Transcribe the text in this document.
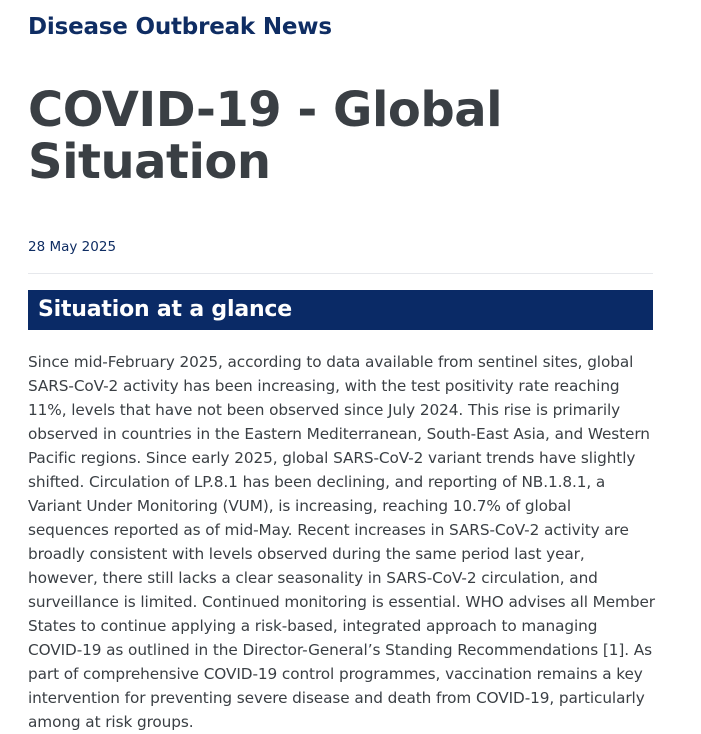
Disease Outbreak News
COVID-19 - Global Situation
28 May 2025
Situation at a glance

Since mid-February 2025, according to data available from sentinel sites, global SARS-CoV-2 activity has been increasing, with the test positivity rate reaching 11%, levels that have not been observed since July 2024. This rise is primarily observed in countries in the Eastern Mediterranean, South-East Asia, and Western Pacific regions. Since early 2025, global SARS-CoV-2 variant trends have slightly shifted. Circulation of LP.8.1 has been declining, and reporting of NB.1.8.1, a Variant Under Monitoring (VUM), is increasing, reaching 10.7% of global sequences reported as of mid-May. Recent increases in SARS-CoV-2 activity are broadly consistent with levels observed during the same period last year, however, there still lacks a clear seasonality in SARS-CoV-2 circulation, and surveillance is limited. Continued monitoring is essential. WHO advises all Member States to continue applying a risk-based, integrated approach to managing COVID-19 as outlined in the Director-General’s Standing Recommendations [1]. As part of comprehensive COVID-19 control programmes, vaccination remains a key intervention for preventing severe disease and death from COVID-19, particularly among at risk groups.
